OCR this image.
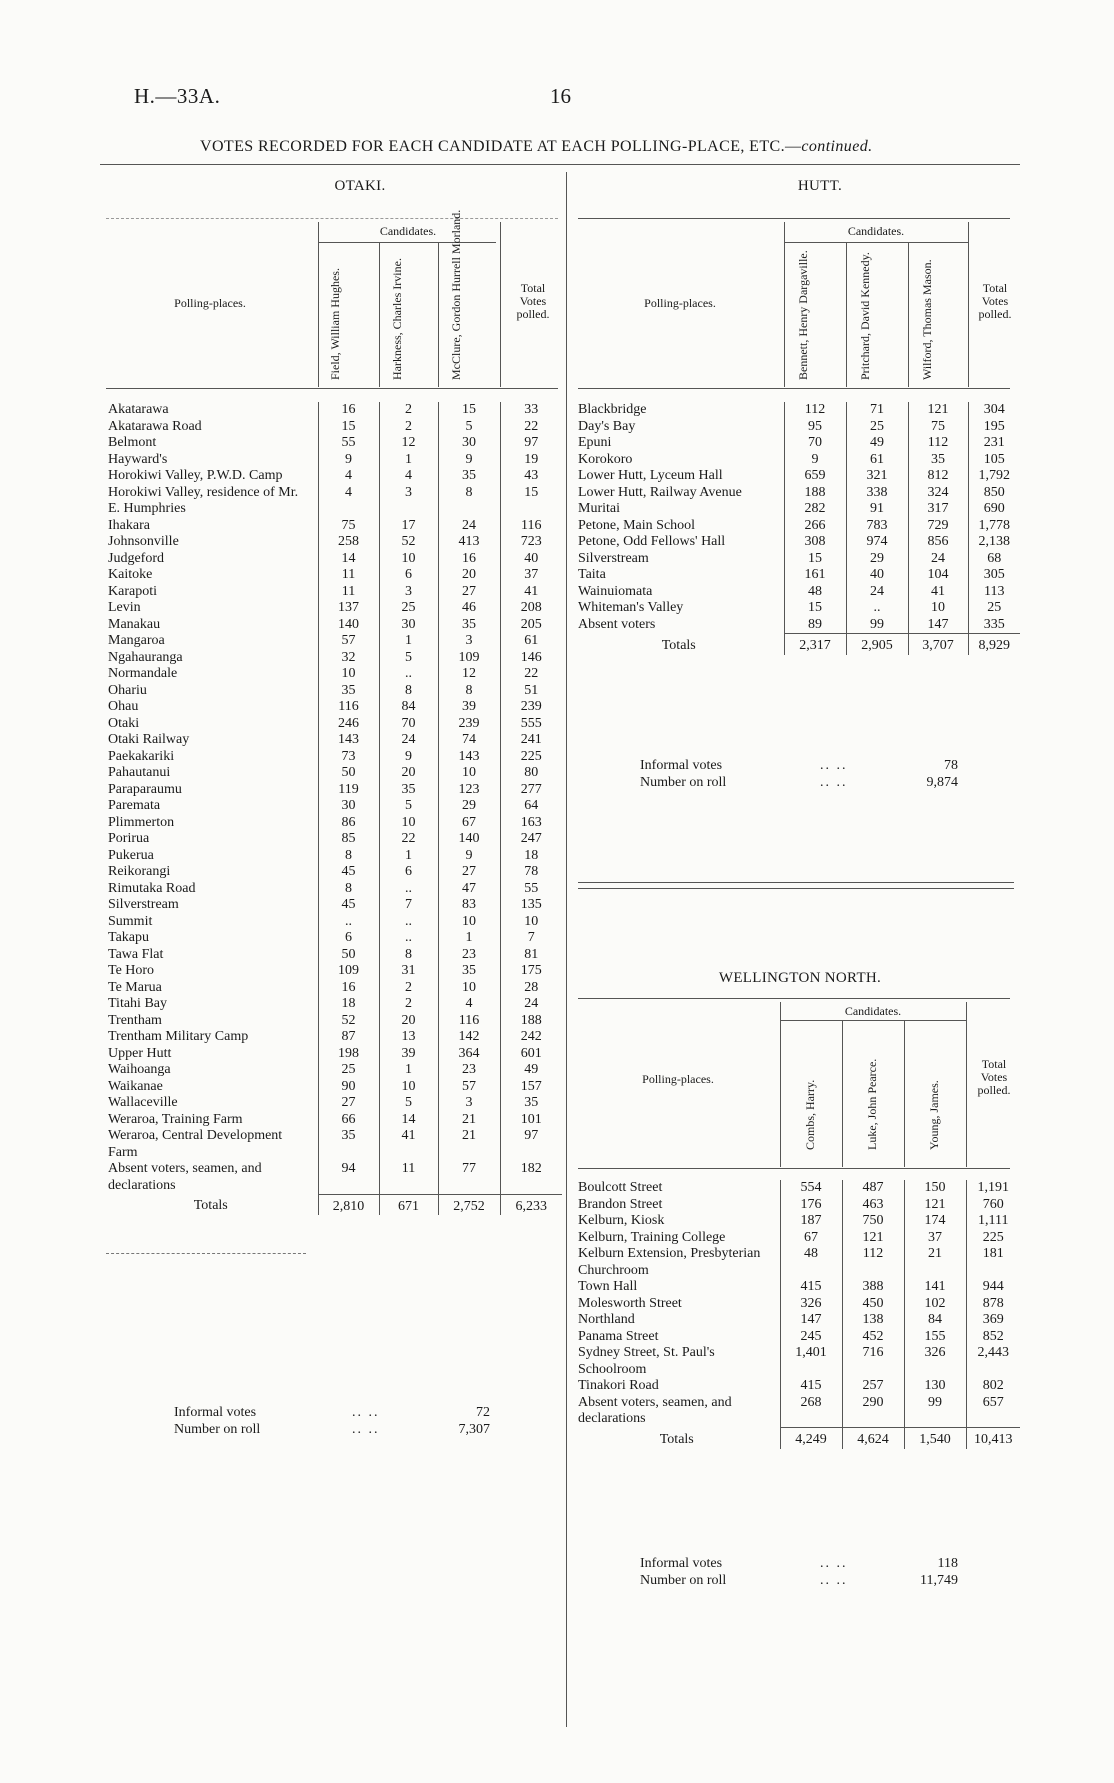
H.—33A.	16
VOTES RECORDED FOR EACH CANDIDATE AT EACH POLLING-PLACE, ETC.—continued.
OTAKI.
Candidates.
Polling-places.
Total Votes polled.
Field, William Hughes.	Harkness, Charles Irvine.	McClure, Gordon Hurrell Morland.
Akatarawa	16	2	15	33
Akatarawa Road	15	2	5	22
Belmont	55	12	30	97
Hayward's	9	1	9	19
Horokiwi Valley, P.W.D. Camp	4	4	35	43
Horokiwi Valley, residence of Mr. E. Humphries	4	3	8	15
Ihakara	75	17	24	116
Johnsonville	258	52	413	723
Judgeford	14	10	16	40
Kaitoke	11	6	20	37
Karapoti	11	3	27	41
Levin	137	25	46	208
Manakau	140	30	35	205
Mangaroa	57	1	3	61
Ngahauranga	32	5	109	146
Normandale	10	..	12	22
Ohariu	35	8	8	51
Ohau	116	84	39	239
Otaki	246	70	239	555
Otaki Railway	143	24	74	241
Paekakariki	73	9	143	225
Pahautanui	50	20	10	80
Paraparaumu	119	35	123	277
Paremata	30	5	29	64
Plimmerton	86	10	67	163
Porirua	85	22	140	247
Pukerua	8	1	9	18
Reikorangi	45	6	27	78
Rimutaka Road	8	..	47	55
Silverstream	45	7	83	135
Summit	..	..	10	10
Takapu	6	..	1	7
Tawa Flat	50	8	23	81
Te Horo	109	31	35	175
Te Marua	16	2	10	28
Titahi Bay	18	2	4	24
Trentham	52	20	116	188
Trentham Military Camp	87	13	142	242
Upper Hutt	198	39	364	601
Waihoanga	25	1	23	49
Waikanae	90	10	57	157
Wallaceville	27	5	3	35
Weraroa, Training Farm	66	14	21	101
Weraroa, Central Development Farm	35	41	21	97
Absent voters, seamen, and declarations	94	11	77	182
Totals	2,810	671	2,752	6,233
Informal votes	.. ..	72
Number on roll	.. ..	7,307
HUTT.
Candidates.
Polling-places.
Total Votes polled.
Bennett, Henry Dargaville.	Pritchard, David Kennedy.	Wilford, Thomas Mason.
Blackbridge	112	71	121	304
Day's Bay	95	25	75	195
Epuni	70	49	112	231
Korokoro	9	61	35	105
Lower Hutt, Lyceum Hall	659	321	812	1,792
Lower Hutt, Railway Avenue	188	338	324	850
Muritai	282	91	317	690
Petone, Main School	266	783	729	1,778
Petone, Odd Fellows' Hall	308	974	856	2,138
Silverstream	15	29	24	68
Taita	161	40	104	305
Wainuiomata	48	24	41	113
Whiteman's Valley	15	..	10	25
Absent voters	89	99	147	335
Totals	2,317	2,905	3,707	8,929
Informal votes	.. ..	78
Number on roll	.. ..	9,874
WELLINGTON NORTH.
Candidates.
Polling-places.
Total Votes polled.
Combs, Harry.	Luke, John Pearce.	Young, James.
Boulcott Street	554	487	150	1,191
Brandon Street	176	463	121	760
Kelburn, Kiosk	187	750	174	1,111
Kelburn, Training College	67	121	37	225
Kelburn Extension, Presbyterian Churchroom	48	112	21	181
Town Hall	415	388	141	944
Molesworth Street	326	450	102	878
Northland	147	138	84	369
Panama Street	245	452	155	852
Sydney Street, St. Paul's Schoolroom	1,401	716	326	2,443
Tinakori Road	415	257	130	802
Absent voters, seamen, and declarations	268	290	99	657
Totals	4,249	4,624	1,540	10,413
Informal votes	.. ..	118
Number on roll	.. ..	11,749
